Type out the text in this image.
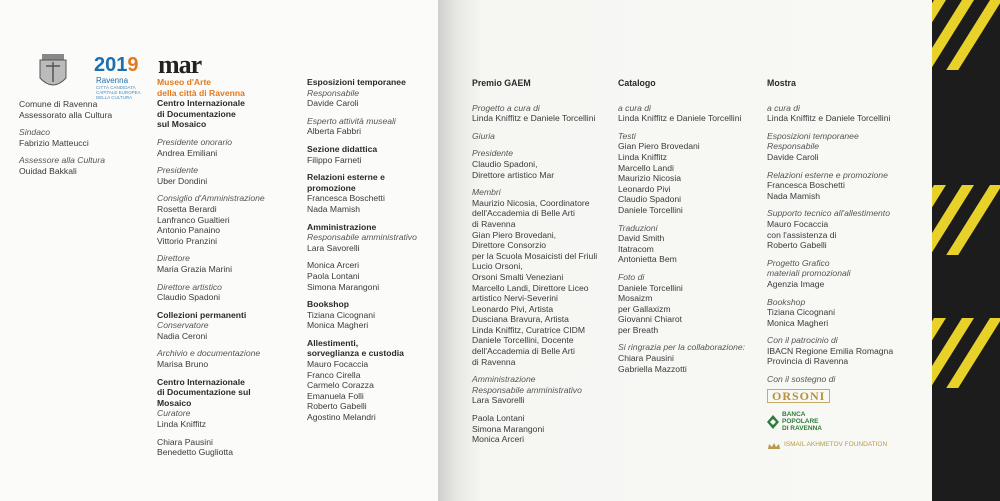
2019
Ravenna
CITTÀ CANDIDATA CAPITALE EUROPEA DELLA CULTURA
mar
Comune di Ravenna
Assessorato alla Cultura
Sindaco
Fabrizio Matteucci
Assessore alla Cultura
Ouidad Bakkali
Museo d'Arte
della città di Ravenna
Centro Internazionale
di Documentazione
sul Mosaico
Presidente onorario
Andrea Emiliani
Presidente
Uber Dondini
Consiglio d'Amministrazione
Rosetta Berardi
Lanfranco Gualtieri
Antonio Panaino
Vittorio Pranzini
Direttore
Maria Grazia Marini
Direttore artistico
Claudio Spadoni
Collezioni permanenti
Conservatore
Nadia Ceroni
Archivio e documentazione
Marisa Bruno
Centro Internazionale
di Documentazione sul
Mosaico
Curatore
Linda Kniffitz
Chiara Pausini
Benedetto Gugliotta
Esposizioni temporanee
Responsabile
Davide Caroli
Esperto attività museali
Alberta Fabbri
Sezione didattica
Filippo Farneti
Relazioni esterne e
promozione
Francesca Boschetti
Nada Mamish
Amministrazione
Responsabile amministrativo
Lara Savorelli
Monica Arceri
Paola Lontani
Simona Marangoni
Bookshop
Tiziana Cicognani
Monica Magheri
Allestimenti,
sorveglianza e custodia
Mauro Focaccia
Franco Cirella
Carmelo Corazza
Emanuela Folli
Roberto Gabelli
Agostino Melandri
Premio GAEM
Progetto a cura di
Linda Kniffitz e Daniele Torcellini
Giuria
Presidente
Claudio Spadoni,
Direttore artistico Mar
Membri
Maurizio Nicosia, Coordinatore
dell'Accademia di Belle Arti
di Ravenna
Gian Piero Brovedani,
Direttore Consorzio
per la Scuola Mosaicisti del Friuli
Lucio Orsoni,
Orsoni Smalti Veneziani
Marcello Landi, Direttore Liceo
artistico Nervi-Severini
Leonardo Pivi, Artista
Dusciana Bravura, Artista
Linda Kniffitz, Curatrice CIDM
Daniele Torcellini, Docente
dell'Accademia di Belle Arti
di Ravenna
Amministrazione
Responsabile amministrativo
Lara Savorelli
Paola Lontani
Simona Marangoni
Monica Arceri
Catalogo
a cura di
Linda Kniffitz e Daniele Torcellini
Testi
Gian Piero Brovedani
Linda Kniffitz
Marcello Landi
Maurizio Nicosia
Leonardo Pivi
Claudio Spadoni
Daniele Torcellini
Traduzioni
David Smith
Itatracom
Antonietta Bem
Foto di
Daniele Torcellini
Mosaizm
per Gallaxizm
Giovanni Chiarot
per Breath
Si ringrazia per la collaborazione:
Chiara Pausini
Gabriella Mazzotti
Mostra
a cura di
Linda Kniffitz e Daniele Torcellini
Esposizioni temporanee
Responsabile
Davide Caroli
Relazioni esterne e promozione
Francesca Boschetti
Nada Mamish
Supporto tecnico all'allestimento
Mauro Focaccia
con l'assistenza di
Roberto Gabelli
Progetto Grafico
materiali promozionali
Agenzia Image
Bookshop
Tiziana Cicognani
Monica Magheri
Con il patrocinio di
IBACN Regione Emilia Romagna
Provincia di Ravenna
Con il sostegno di
ORSONI
BANCA
POPOLARE
DI RAVENNA
ISMAIL AKHMETOV FOUNDATION
